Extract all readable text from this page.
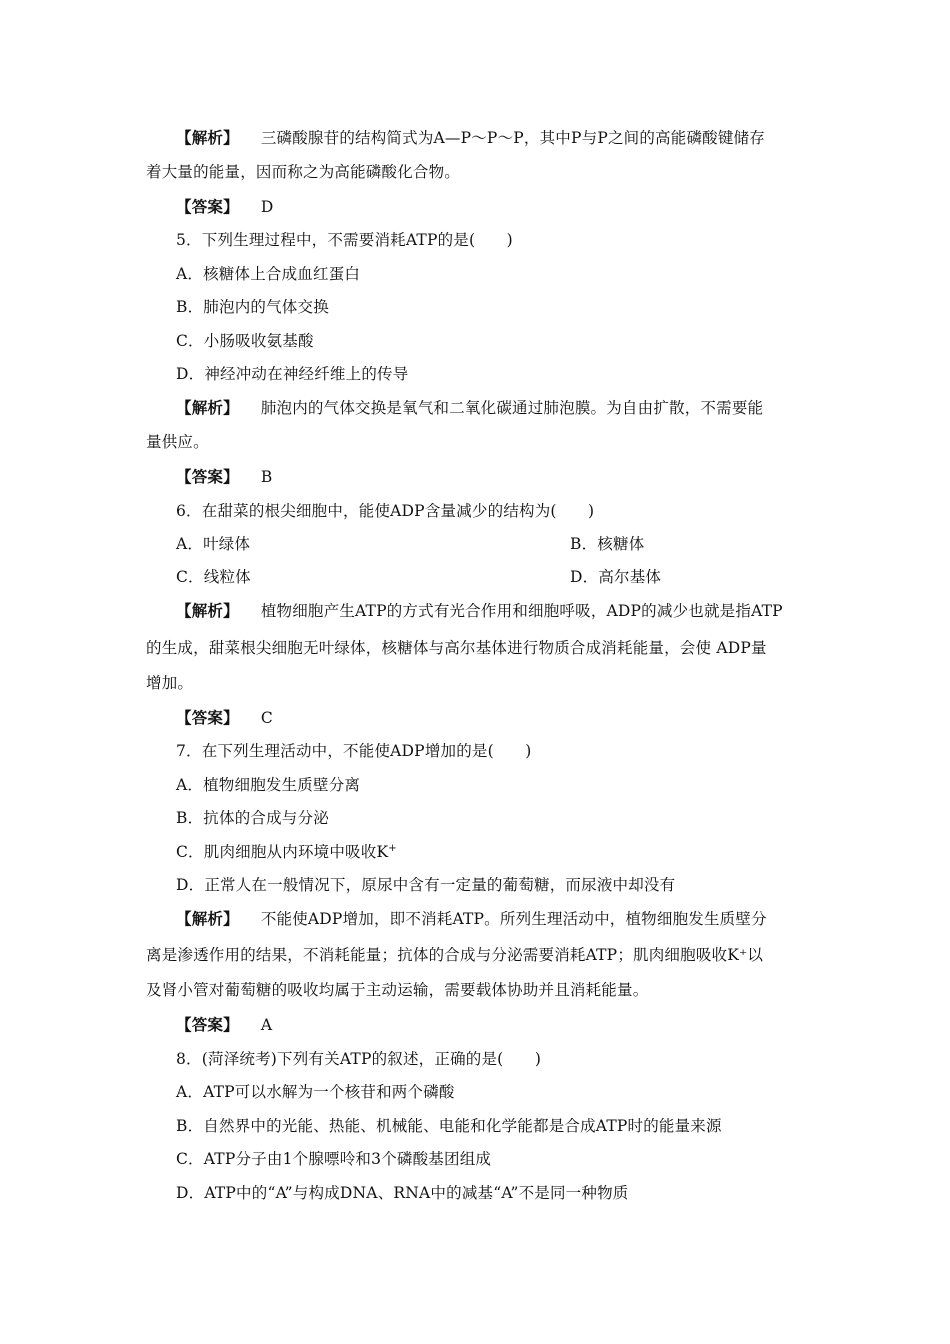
【解析】 三磷酸腺苷的结构简式为A—P～P～P，其中P与P之间的高能磷酸键储存
着大量的能量，因而称之为高能磷酸化合物。
【答案】 D
5．下列生理过程中，不需要消耗ATP的是(　　)
A．核糖体上合成血红蛋白
B．肺泡内的气体交换
C．小肠吸收氨基酸
D．神经冲动在神经纤维上的传导
【解析】 肺泡内的气体交换是氧气和二氧化碳通过肺泡膜。为自由扩散，不需要能
量供应。
【答案】 B
6．在甜菜的根尖细胞中，能使ADP含量减少的结构为(　　)
A．叶绿体	B．核糖体
C．线粒体	D．高尔基体
【解析】 植物细胞产生ATP的方式有光合作用和细胞呼吸，ADP的减少也就是指ATP
的生成，甜菜根尖细胞无叶绿体，核糖体与高尔基体进行物质合成消耗能量，会使 ADP量
增加。
【答案】 C
7．在下列生理活动中，不能使ADP增加的是(　　)
A．植物细胞发生质壁分离
B．抗体的合成与分泌
C．肌肉细胞从内环境中吸收K+
D．正常人在一般情况下，原尿中含有一定量的葡萄糖，而尿液中却没有
【解析】 不能使ADP增加，即不消耗ATP。所列生理活动中，植物细胞发生质壁分
离是渗透作用的结果，不消耗能量；抗体的合成与分泌需要消耗ATP；肌肉细胞吸收K⁺以
及肾小管对葡萄糖的吸收均属于主动运输，需要载体协助并且消耗能量。
【答案】 A
8．(菏泽统考)下列有关ATP的叙述，正确的是(　　)
A．ATP可以水解为一个核苷和两个磷酸
B．自然界中的光能、热能、机械能、电能和化学能都是合成ATP时的能量来源
C．ATP分子由1个腺嘌呤和3个磷酸基团组成
D．ATP中的“A”与构成DNA、RNA中的减基“A”不是同一种物质
